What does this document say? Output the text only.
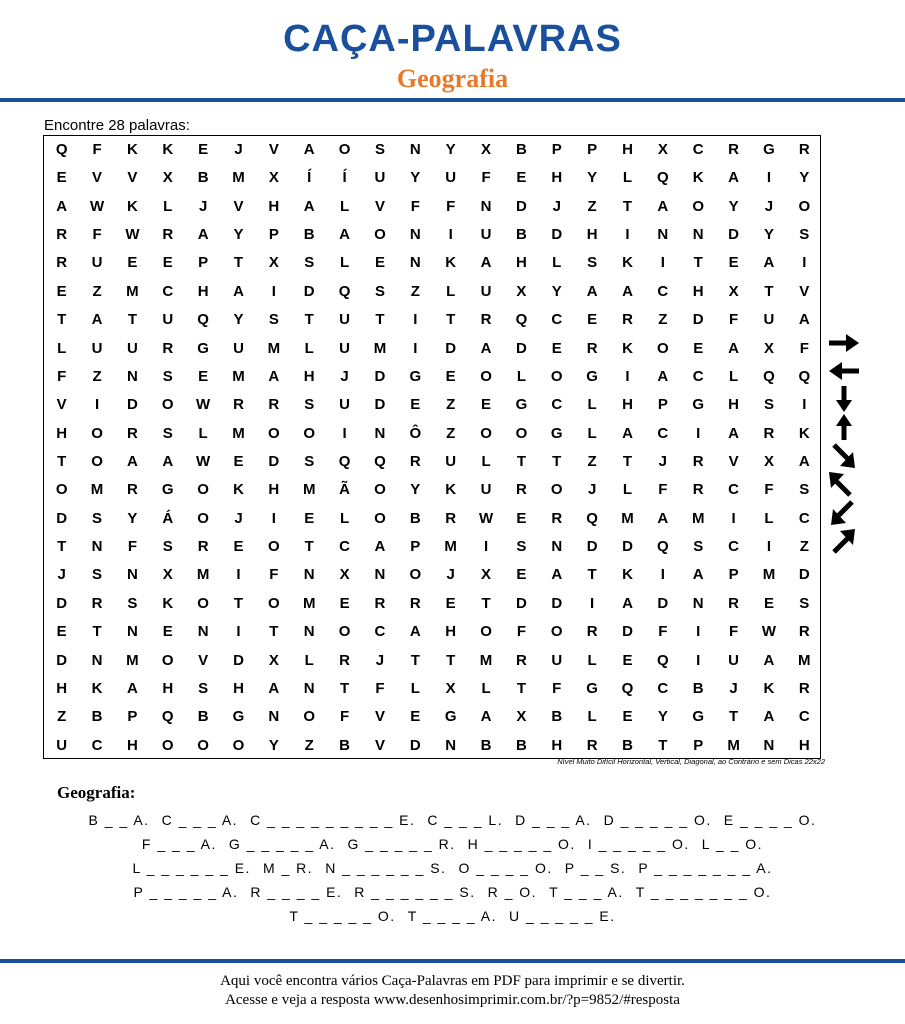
CAÇA-PALAVRAS
Geografia
Encontre 28 palavras:
Q	F	K	K	E	J	V	A	O	S	N	Y	X	B	P	P	H	X	C	R	G	R
E	V	V	X	B	M	X	Í	Í	U	Y	U	F	E	H	Y	L	Q	K	A	I	Y
A	W	K	L	J	V	H	A	L	V	F	F	N	D	J	Z	T	A	O	Y	J	O
R	F	W	R	A	Y	P	B	A	O	N	I	U	B	D	H	I	N	N	D	Y	S
R	U	E	E	P	T	X	S	L	E	N	K	A	H	L	S	K	I	T	E	A	I
E	Z	M	C	H	A	I	D	Q	S	Z	L	U	X	Y	A	A	C	H	X	T	V
T	A	T	U	Q	Y	S	T	U	T	I	T	R	Q	C	E	R	Z	D	F	U	A
L	U	U	R	G	U	M	L	U	M	I	D	A	D	E	R	K	O	E	A	X	F
F	Z	N	S	E	M	A	H	J	D	G	E	O	L	O	G	I	A	C	L	Q	Q
V	I	D	O	W	R	R	S	U	D	E	Z	E	G	C	L	H	P	G	H	S	I
H	O	R	S	L	M	O	O	I	N	Ô	Z	O	O	G	L	A	C	I	A	R	K
T	O	A	A	W	E	D	S	Q	Q	R	U	L	T	T	Z	T	J	R	V	X	A
O	M	R	G	O	K	H	M	Ã	O	Y	K	U	R	O	J	L	F	R	C	F	S
D	S	Y	Á	O	J	I	E	L	O	B	R	W	E	R	Q	M	A	M	I	L	C
T	N	F	S	R	E	O	T	C	A	P	M	I	S	N	D	D	Q	S	C	I	Z
J	S	N	X	M	I	F	N	X	N	O	J	X	E	A	T	K	I	A	P	M	D
D	R	S	K	O	T	O	M	E	R	R	E	T	D	D	I	A	D	N	R	E	S
E	T	N	E	N	I	T	N	O	C	A	H	O	F	O	R	D	F	I	F	W	R
D	N	M	O	V	D	X	L	R	J	T	T	M	R	U	L	E	Q	I	U	A	M
H	K	A	H	S	H	A	N	T	F	L	X	L	T	F	G	Q	C	B	J	K	R
Z	B	P	Q	B	G	N	O	F	V	E	G	A	X	B	L	E	Y	G	T	A	C
U	C	H	O	O	O	Y	Z	B	V	D	N	B	B	H	R	B	T	P	M	N	H
Nível Muito Difícil Horizontal, Vertical, Diagonal, ao Contrário e sem Dicas 22x22
Geografia:
B _ _ A. C _ _ _ A. C _ _ _ _ _ _ _ _ _ E. C _ _ _ L. D _ _ _ A. D _ _ _ _ _ O. E _ _ _ _ O.
F _ _ _ A. G _ _ _ _ _ A. G _ _ _ _ _ R. H _ _ _ _ _ O. I _ _ _ _ _ O. L _ _ O.
L _ _ _ _ _ _ E. M _ R. N _ _ _ _ _ _ S. O _ _ _ _ O. P _ _ S. P _ _ _ _ _ _ _ A.
P _ _ _ _ _ A. R _ _ _ _ E. R _ _ _ _ _ _ S. R _ O. T _ _ _ A. T _ _ _ _ _ _ _ O.
T _ _ _ _ _ O. T _ _ _ _ A. U _ _ _ _ _ E.
Aqui você encontra vários Caça-Palavras em PDF para imprimir e se divertir.
Acesse e veja a resposta www.desenhosimprimir.com.br/?p=9852/#resposta
